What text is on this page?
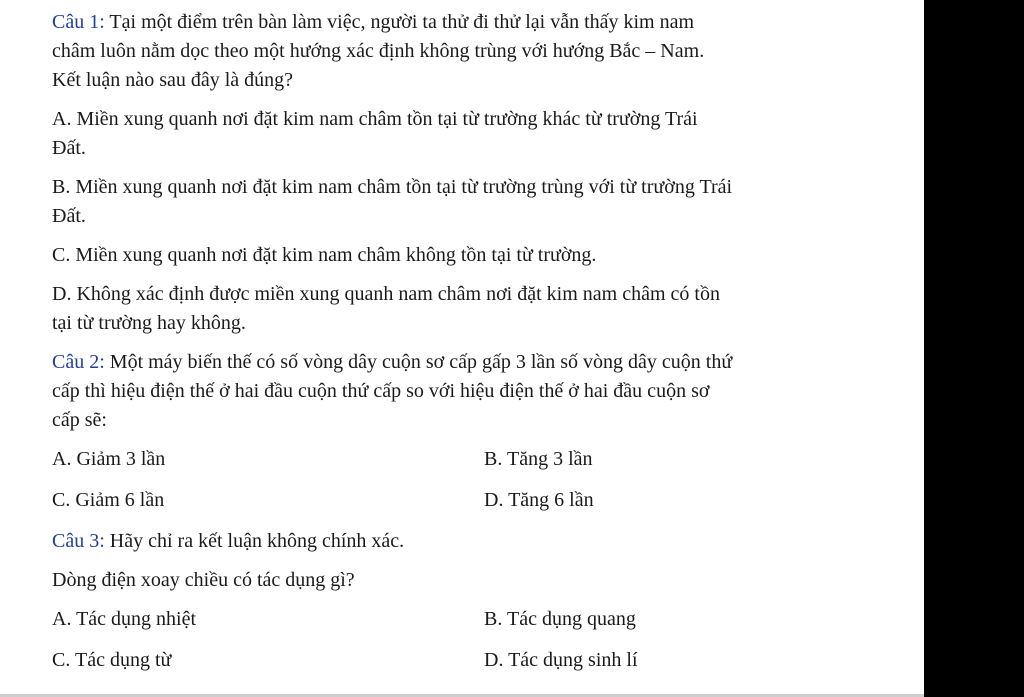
Câu 1: Tại một điểm trên bàn làm việc, người ta thử đi thử lại vẫn thấy kim nam
châm luôn nằm dọc theo một hướng xác định không trùng với hướng Bắc – Nam.
Kết luận nào sau đây là đúng?
A. Miền xung quanh nơi đặt kim nam châm tồn tại từ trường khác từ trường Trái
Đất.
B. Miền xung quanh nơi đặt kim nam châm tồn tại từ trường trùng với từ trường Trái
Đất.
C. Miền xung quanh nơi đặt kim nam châm không tồn tại từ trường.
D. Không xác định được miền xung quanh nam châm nơi đặt kim nam châm có tồn
tại từ trường hay không.
Câu 2: Một máy biến thế có số vòng dây cuộn sơ cấp gấp 3 lần số vòng dây cuộn thứ
cấp thì hiệu điện thế ở hai đầu cuộn thứ cấp so với hiệu điện thế ở hai đầu cuộn sơ
cấp sẽ:
A. Giảm 3 lần	B. Tăng 3 lần
C. Giảm 6 lần	D. Tăng 6 lần
Câu 3: Hãy chỉ ra kết luận không chính xác.
Dòng điện xoay chiều có tác dụng gì?
A. Tác dụng nhiệt	B. Tác dụng quang
C. Tác dụng từ	D. Tác dụng sinh lí
